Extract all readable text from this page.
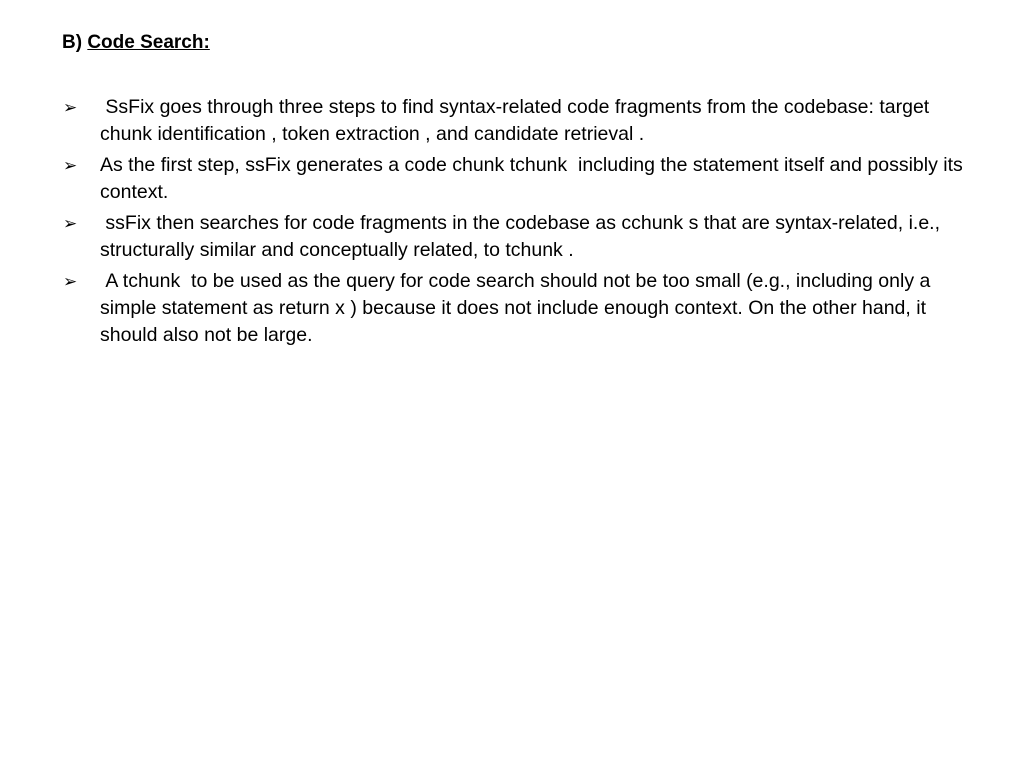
B) Code Search:
➢ SsFix goes through three steps to find syntax-related code fragments from the codebase: target chunk identification , token extraction , and candidate retrieval .
➢ As the first step, ssFix generates a code chunk tchunk  including the statement itself and possibly its context.
➢ ssFix then searches for code fragments in the codebase as cchunk s that are syntax-related, i.e., structurally similar and conceptually related, to tchunk .
➢ A tchunk  to be used as the query for code search should not be too small (e.g., including only a simple statement as return x ) because it does not include enough context. On the other hand, it should also not be large.
